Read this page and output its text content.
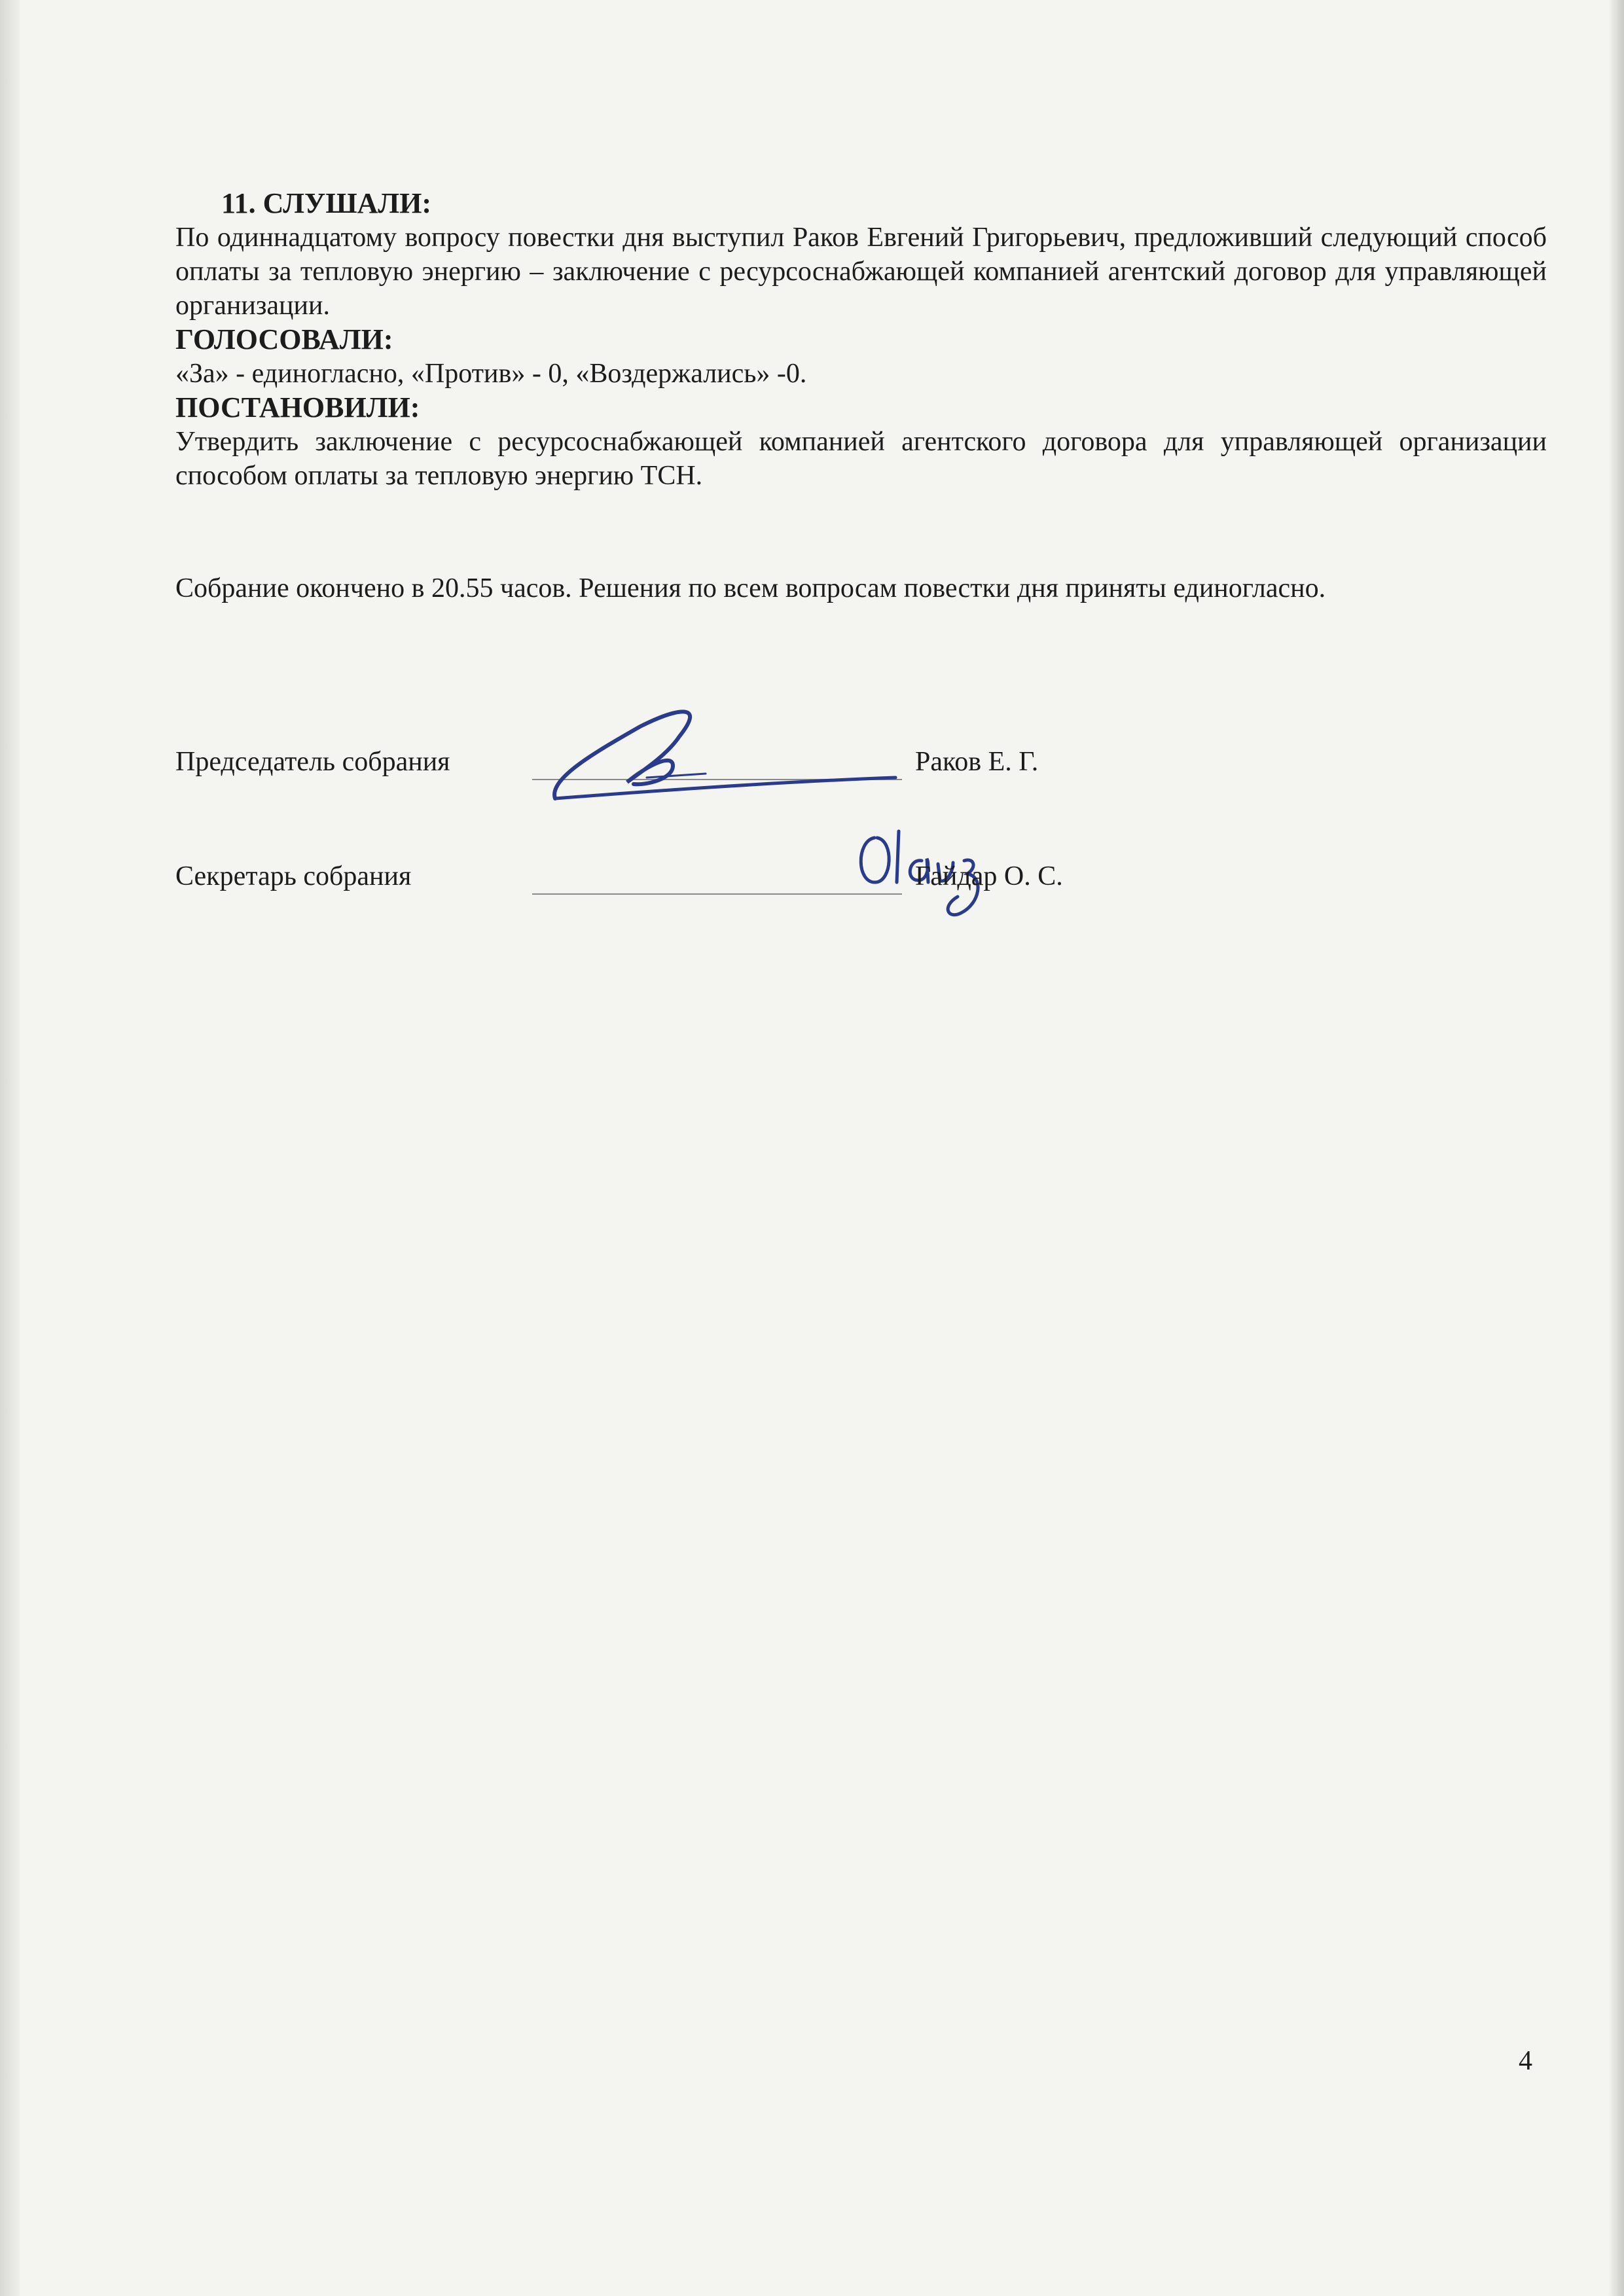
11. СЛУШАЛИ:

По одиннадцатому вопросу повестки дня выступил Раков Евгений Григорьевич, предложивший следующий способ оплаты за тепловую энергию – заключение с ресурсоснабжающей компанией агентский договор для управляющей организации.

ГОЛОСОВАЛИ:

«За» - единогласно, «Против» - 0, «Воздержались» -0.

ПОСТАНОВИЛИ:

Утвердить заключение с ресурсоснабжающей компанией агентского договора для управляющей организации способом оплаты за тепловую энергию ТСН.

Собрание окончено в 20.55 часов. Решения по всем вопросам повестки дня приняты единогласно.

Председатель собрания	Раков Е. Г.
Секретарь собрания	Гайдар О. С.
4
